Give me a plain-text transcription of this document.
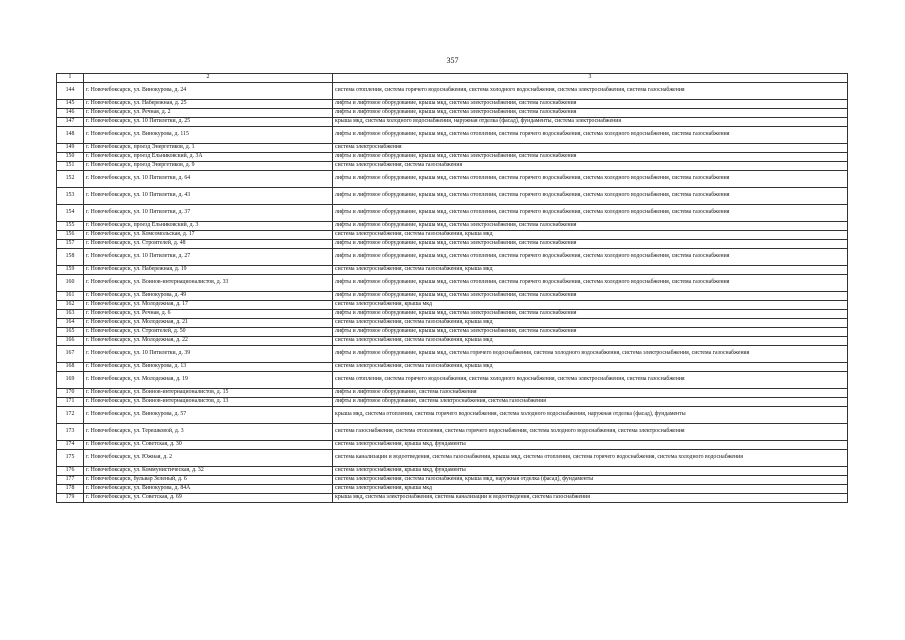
357
1	2	3
144	г. Новочебоксарск, ул. Винокурова, д. 24	система отопления, система горячего водоснабжения, система холодного водоснабжения, система электроснабжения, система газоснабжения
145	г. Новочебоксарск, ул. Набережная, д. 25	лифты и лифтовое оборудование, крыша мкд, система электроснабжения, система газоснабжения
146	г. Новочебоксарск, ул. Речная, д. 2	лифты и лифтовое оборудование, крыша мкд, система электроснабжения, система газоснабжения
147	г. Новочебоксарск, ул. 10 Пятилетки, д. 25	крыша мкд, система холодного водоснабжения, наружная отделка (фасад), фундаменты, система электроснабжения
148	г. Новочебоксарск, ул. Винокурова, д. 115	лифты и лифтовое оборудование, крыша мкд, система отопления, система горячего водоснабжения, система холодного водоснабжения, система газоснабжения
149	г. Новочебоксарск, проезд Энергетиков, д. 1	система электроснабжения
150	г. Новочебоксарск, проезд Ельниковский, д. 3А	лифты и лифтовое оборудование, крыша мкд, система электроснабжения, система газоснабжения
151	г. Новочебоксарск, проезд Энергетиков, д. 9	система электроснабжения, система газоснабжения
152	г. Новочебоксарск, ул. 10 Пятилетки, д. 64	лифты и лифтовое оборудование, крыша мкд, система отопления, система горячего водоснабжения, система холодного водоснабжения, система газоснабжения
153	г. Новочебоксарск, ул. 10 Пятилетки, д. 43	лифты и лифтовое оборудование, крыша мкд, система отопления, система горячего водоснабжения, система холодного водоснабжения, система газоснабжения
154	г. Новочебоксарск, ул. 10 Пятилетки, д. 37	лифты и лифтовое оборудование, крыша мкд, система отопления, система горячего водоснабжения, система холодного водоснабжения, система газоснабжения
155	г. Новочебоксарск, проезд Ельниковский, д. 3	лифты и лифтовое оборудование, крыша мкд, система электроснабжения, система газоснабжения
156	г. Новочебоксарск, ул. Комсомольская, д. 17	система электроснабжения, система газоснабжения, крыша мкд
157	г. Новочебоксарск, ул. Строителей, д. 48	лифты и лифтовое оборудование, крыша мкд, система электроснабжения, система газоснабжения
158	г. Новочебоксарск, ул. 10 Пятилетки, д. 27	лифты и лифтовое оборудование, крыша мкд, система отопления, система горячего водоснабжения, система холодного водоснабжения, система газоснабжения
159	г. Новочебоксарск, ул. Набережная, д. 19	система электроснабжения, система газоснабжения, крыша мкд
160	г. Новочебоксарск, ул. Воинов-интернационалистов, д. 33	лифты и лифтовое оборудование, крыша мкд, система отопления, система горячего водоснабжения, система холодного водоснабжения, система газоснабжения
161	г. Новочебоксарск, ул. Винокурова, д. 49	лифты и лифтовое оборудование, крыша мкд, система электроснабжения, система газоснабжения
162	г. Новочебоксарск, ул. Молодежная, д. 17	система электроснабжения, крыша мкд
163	г. Новочебоксарск, ул. Речная, д. 6	лифты и лифтовое оборудование, крыша мкд, система электроснабжения, система газоснабжения
164	г. Новочебоксарск, ул. Молодежная, д. 21	система электроснабжения, система газоснабжения, крыша мкд
165	г. Новочебоксарск, ул. Строителей, д. 50	лифты и лифтовое оборудование, крыша мкд, система электроснабжения, система газоснабжения
166	г. Новочебоксарск, ул. Молодежная, д. 22	система электроснабжения, система газоснабжения, крыша мкд
167	г. Новочебоксарск, ул. 10 Пятилетки, д. 39	лифты и лифтовое оборудование, крыша мкд, система горячего водоснабжения, система холодного водоснабжения, система электроснабжения, система газоснабжения
168	г. Новочебоксарск, ул. Винокурова, д. 13	система электроснабжения, система газоснабжения, крыша мкд
169	г. Новочебоксарск, ул. Молодежная, д. 19	система отопления, система горячего водоснабжения, система холодного водоснабжения, система электроснабжения, система газоснабжения
170	г. Новочебоксарск, ул. Воинов-интернационалистов, д. 15	лифты и лифтовое оборудование, система газоснабжения
171	г. Новочебоксарск, ул. Воинов-интернационалистов, д. 13	лифты и лифтовое оборудование, система электроснабжения, система газоснабжения
172	г. Новочебоксарск, ул. Винокурова, д. 57	крыша мкд, система отопления, система горячего водоснабжения, система холодного водоснабжения, наружная отделка (фасад), фундаменты
173	г. Новочебоксарск, ул. Терешковой, д. 3	система газоснабжения, система отопления, система горячего водоснабжения, система холодного водоснабжения, система электроснабжения
174	г. Новочебоксарск, ул. Советская, д. 30	система электроснабжения, крыша мкд, фундаменты
175	г. Новочебоксарск, ул. Южная, д. 2	система канализации и водоотведения, система газоснабжения, крыша мкд, система отопления, система горячего водоснабжения, система холодного водоснабжения
176	г. Новочебоксарск, ул. Коммунистическая, д. 32	система электроснабжения, крыша мкд, фундаменты
177	г. Новочебоксарск, бульвар Зеленый, д. 6	система электроснабжения, система газоснабжения, крыша мкд, наружная отделка (фасад), фундаменты
178	г. Новочебоксарск, ул. Винокурова, д. 84А	система электроснабжения, крыша мкд
179	г. Новочебоксарск, ул. Советская, д. 69	крыша мкд, система электроснабжения, система канализации и водоотведения, система газоснабжения
